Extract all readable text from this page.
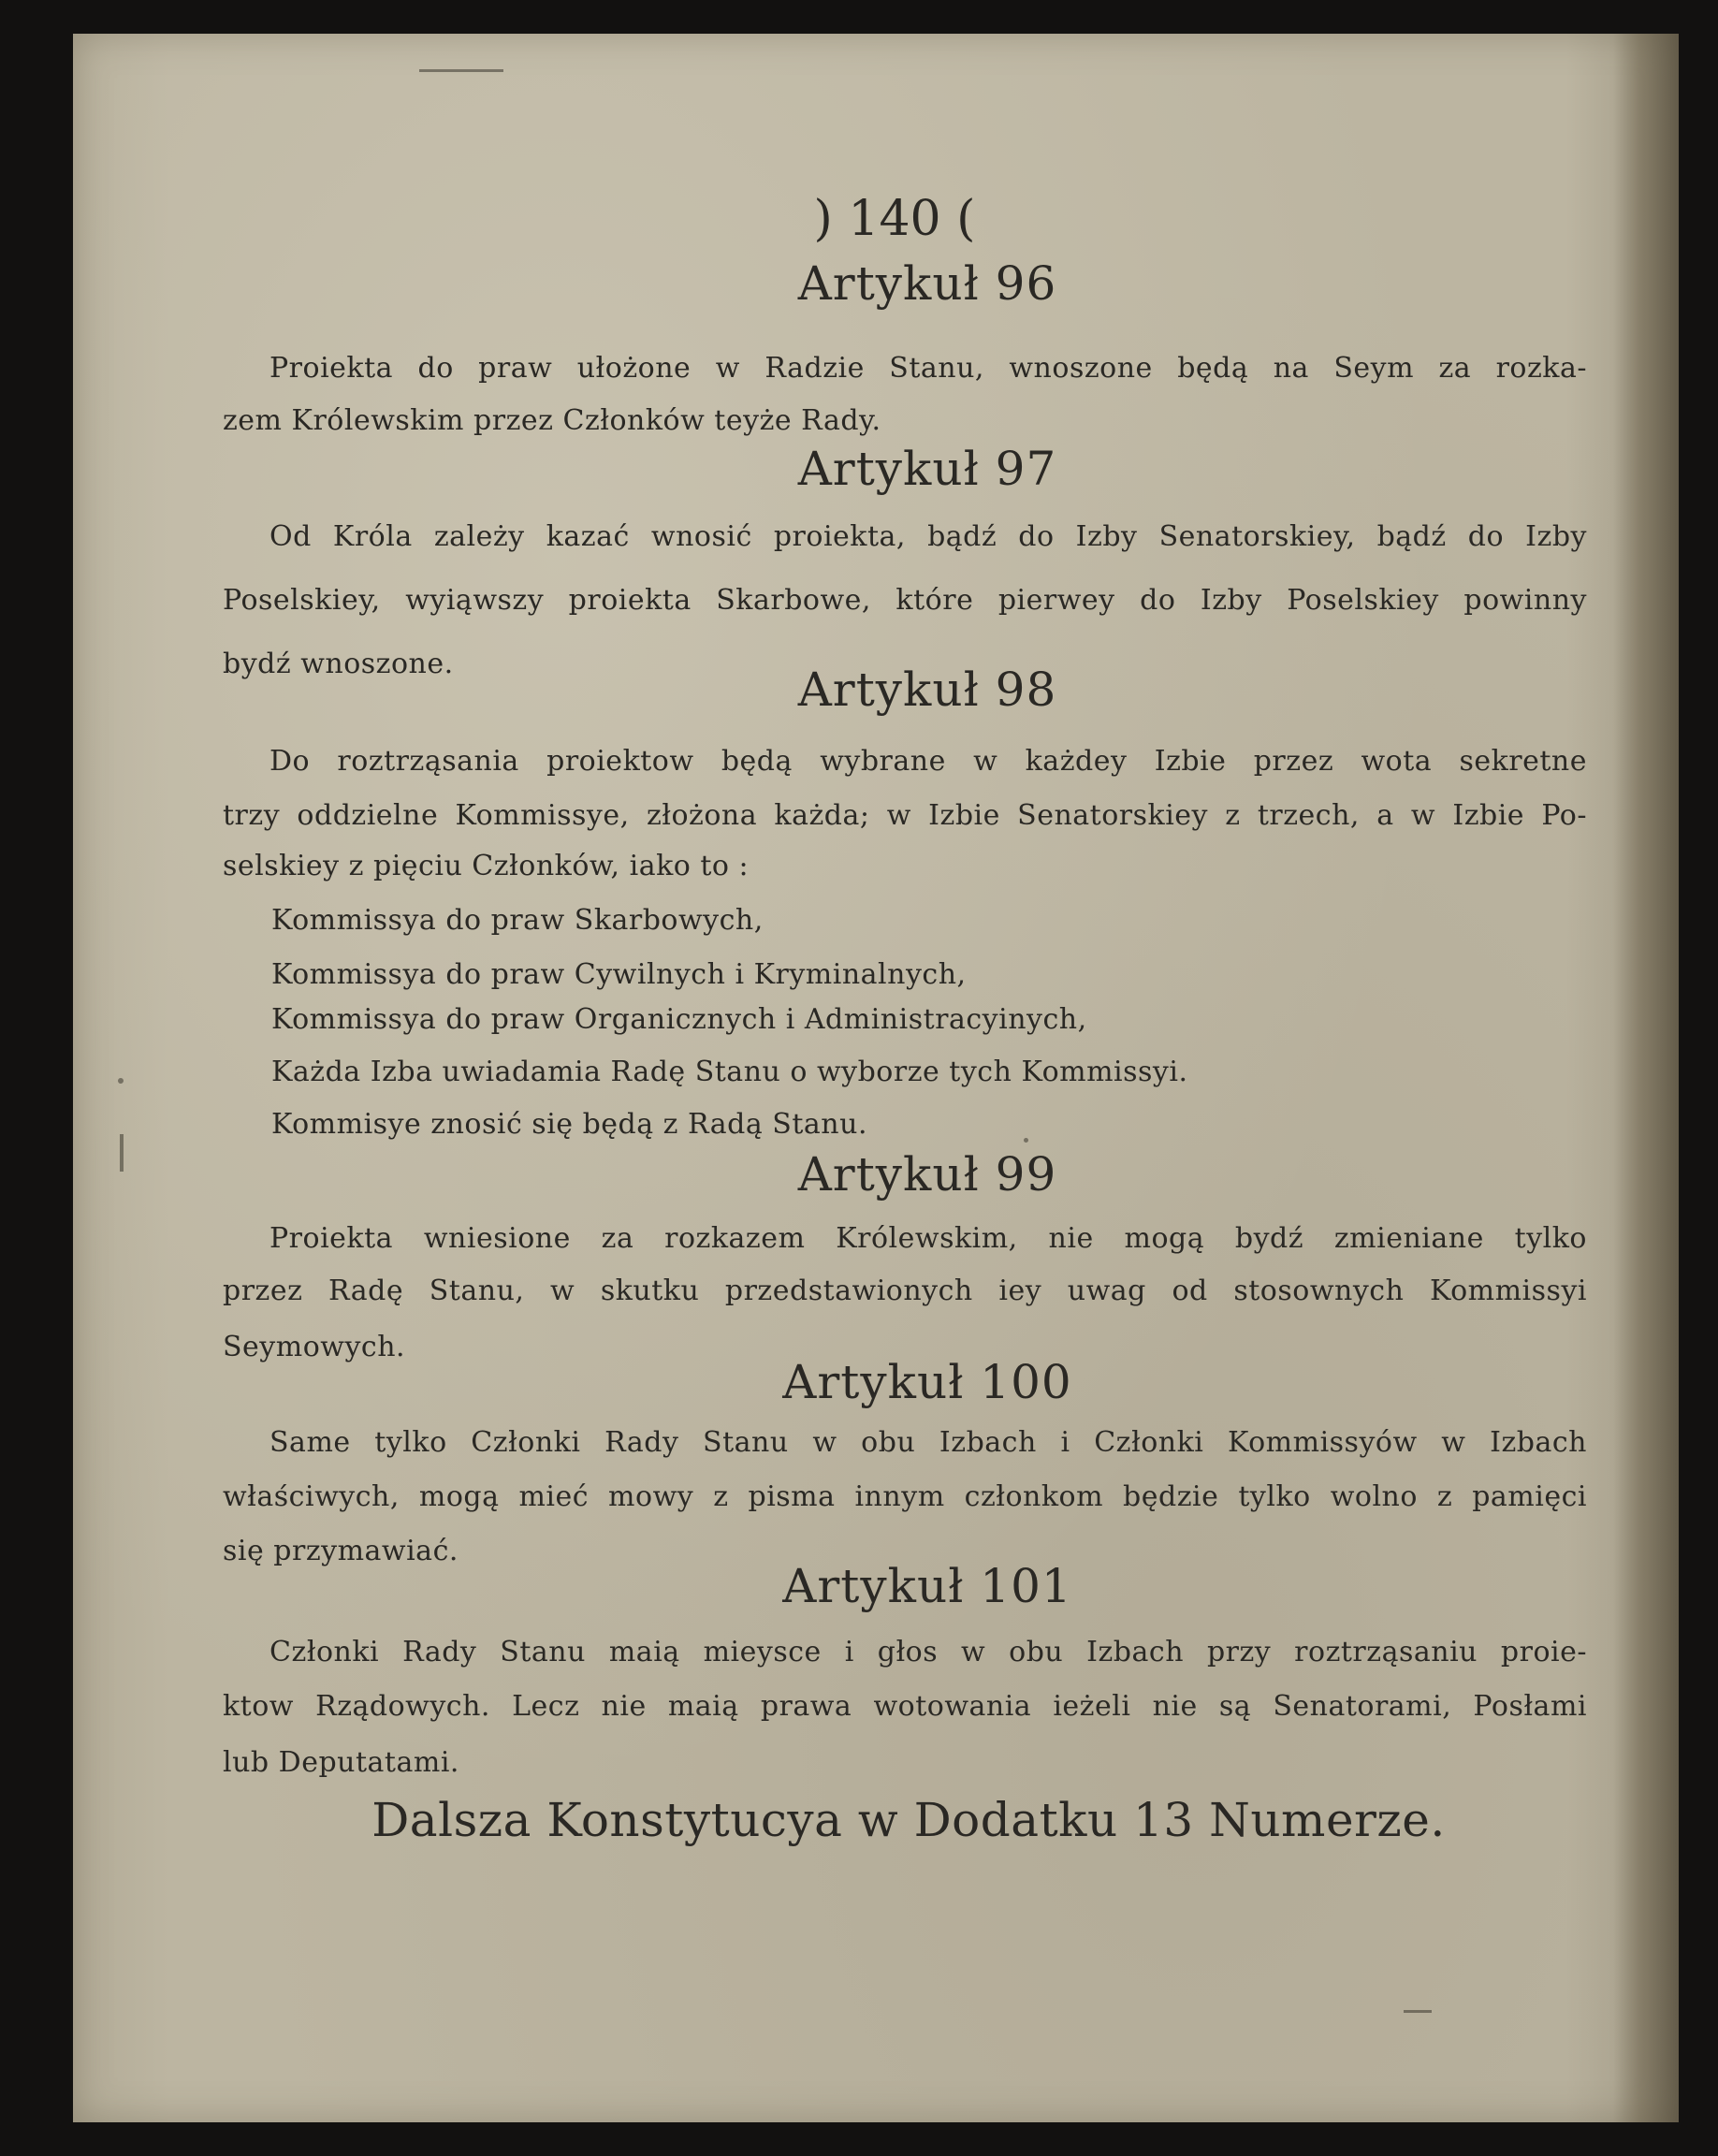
) 140 (
Artykuł 96
Proiekta do praw ułożone w Radzie Stanu, wnoszone będą na Seym za rozka-
zem Królewskim przez Członków teyże Rady.
Artykuł 97
Od Króla zależy kazać wnosić proiekta, bądź do Izby Senatorskiey, bądź do Izby
Poselskiey, wyiąwszy proiekta Skarbowe, które pierwey do Izby Poselskiey powinny
bydź wnoszone.	Artykuł 98
Do roztrząsania proiektow będą wybrane w każdey Izbie przez wota sekretne
trzy oddzielne Kommissye, złożona każda; w Izbie Senatorskiey z trzech, a w Izbie Po-
selskiey z pięciu Członków, iako to :
Kommissya do praw Skarbowych,
Kommissya do praw Cywilnych i Kryminalnych,
Kommissya do praw Organicznych i Administracyinych,
Każda Izba uwiadamia Radę Stanu o wyborze tych Kommissyi.
Kommisye znosić się będą z Radą Stanu.
Artykuł 99
Proiekta wniesione za rozkazem Królewskim, nie mogą bydź zmieniane tylko
przez Radę Stanu, w skutku przedstawionych iey uwag od stosownych Kommissyi
Seymowych.
Artykuł 100
Same tylko Członki Rady Stanu w obu Izbach i Członki Kommissyów w Izbach
właściwych, mogą mieć mowy z pisma innym członkom będzie tylko wolno z pamięci
się przymawiać.
Artykuł 101
Członki Rady Stanu maią mieysce i głos w obu Izbach przy roztrząsaniu proie-
ktow Rządowych. Lecz nie maią prawa wotowania ieżeli nie są Senatorami, Posłami
lub Deputatami.
Dalsza Konstytucya w Dodatku 13 Numerze.
